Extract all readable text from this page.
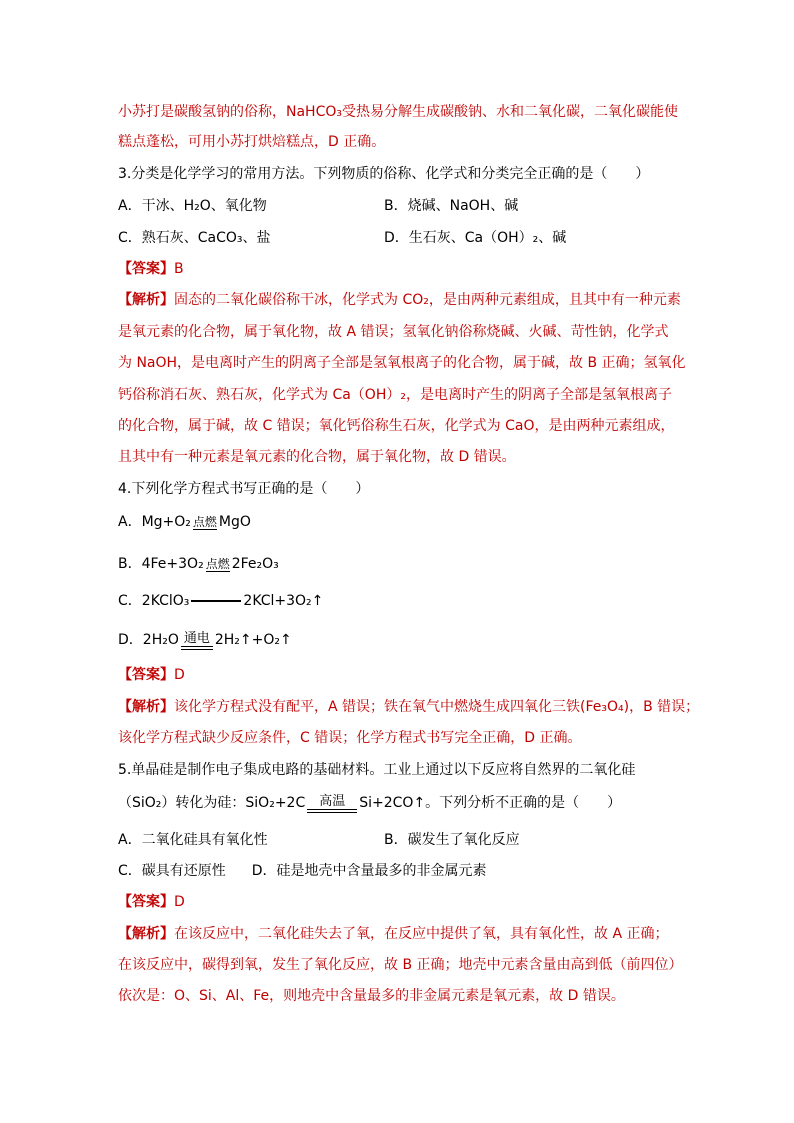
小苏打是碳酸氢钠的俗称，NaHCO₃受热易分解生成碳酸钠、水和二氧化碳，二氧化碳能使
糕点蓬松，可用小苏打烘焙糕点，D 正确。
3.分类是化学学习的常用方法。下列物质的俗称、化学式和分类完全正确的是（　　）
A．干冰、H₂O、氧化物	B．烧碱、NaOH、碱
C．熟石灰、CaCO₃、盐	D．生石灰、Ca（OH）₂、碱
【答案】B
【解析】固态的二氧化碳俗称干冰，化学式为 CO₂，是由两种元素组成，且其中有一种元素
是氧元素的化合物，属于氧化物，故 A 错误；氢氧化钠俗称烧碱、火碱、苛性钠，化学式
为 NaOH，是电离时产生的阴离子全部是氢氧根离子的化合物，属于碱，故 B 正确；氢氧化
钙俗称消石灰、熟石灰，化学式为 Ca（OH）₂，是电离时产生的阴离子全部是氢氧根离子
的化合物，属于碱，故 C 错误；氧化钙俗称生石灰，化学式为 CaO，是由两种元素组成，
且其中有一种元素是氧元素的化合物，属于氧化物，故 D 错误。
4.下列化学方程式书写正确的是（　　）
A．Mg+O₂ 点燃 MgO
B．4Fe+3O₂ 点燃 2Fe₂O₃
C．2KClO₃	2KCl+3O₂↑
D．2H₂O 通电 2H₂↑+O₂↑
【答案】D
【解析】该化学方程式没有配平，A 错误；铁在氧气中燃烧生成四氧化三铁(Fe₃O₄)，B 错误；
该化学方程式缺少反应条件，C 错误；化学方程式书写完全正确，D 正确。
5.单晶硅是制作电子集成电路的基础材料。工业上通过以下反应将自然界的二氧化硅
（SiO₂）转化为硅：SiO₂+2C	高温	Si+2CO↑。下列分析不正确的是（　　）
A．二氧化硅具有氧化性	B．碳发生了氧化反应
C．碳具有还原性 D．硅是地壳中含量最多的非金属元素
【答案】D
【解析】在该反应中，二氧化硅失去了氧，在反应中提供了氧，具有氧化性，故 A 正确；
在该反应中，碳得到氧，发生了氧化反应，故 B 正确；地壳中元素含量由高到低（前四位）
依次是：O、Si、Al、Fe，则地壳中含量最多的非金属元素是氧元素，故 D 错误。
